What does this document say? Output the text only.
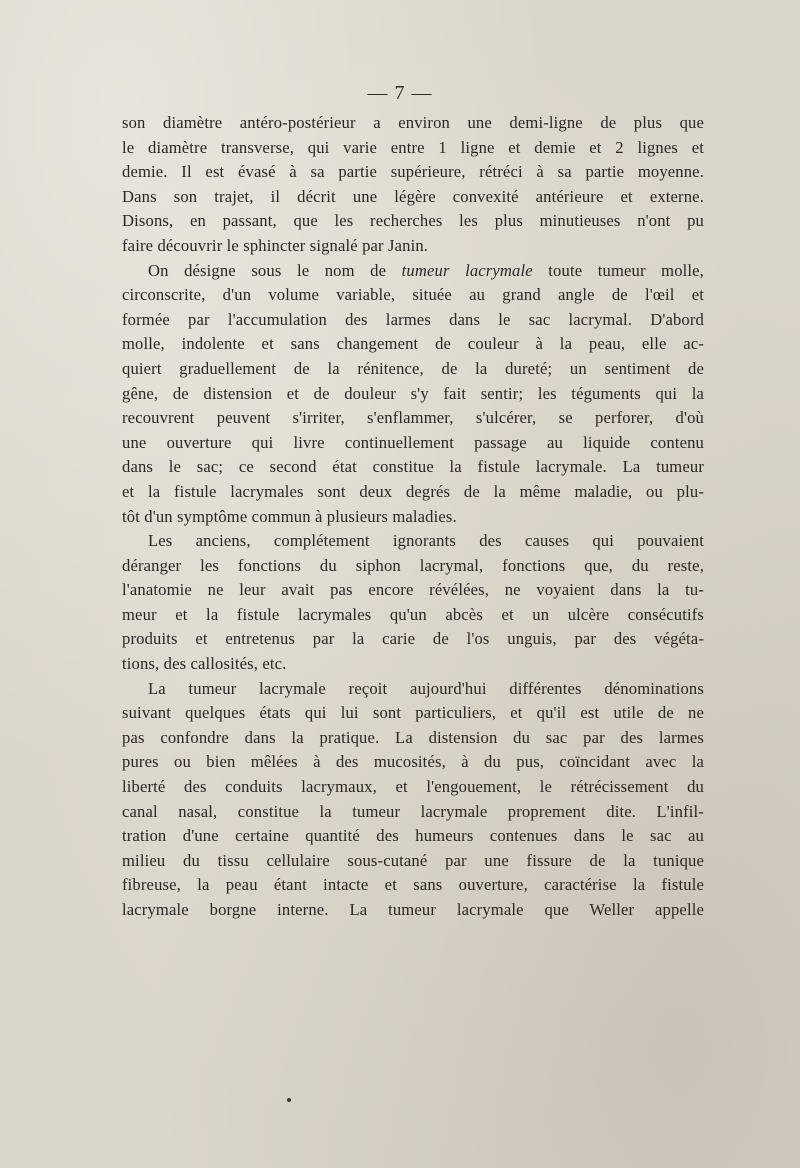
— 7 —
son diamètre antéro-postérieur a environ une demi-ligne de plus que
le diamètre transverse, qui varie entre 1 ligne et demie et 2 lignes et
demie. Il est évasé à sa partie supérieure, rétréci à sa partie moyenne.
Dans son trajet, il décrit une légère convexité antérieure et externe.
Disons, en passant, que les recherches les plus minutieuses n'ont pu
faire découvrir le sphincter signalé par Janin.
On désigne sous le nom de tumeur lacrymale toute tumeur molle,
circonscrite, d'un volume variable, située au grand angle de l'œil et
formée par l'accumulation des larmes dans le sac lacrymal. D'abord
molle, indolente et sans changement de couleur à la peau, elle ac-
quiert graduellement de la rénitence, de la dureté; un sentiment de
gêne, de distension et de douleur s'y fait sentir; les téguments qui la
recouvrent peuvent s'irriter, s'enflammer, s'ulcérer, se perforer, d'où
une ouverture qui livre continuellement passage au liquide contenu
dans le sac; ce second état constitue la fistule lacrymale. La tumeur
et la fistule lacrymales sont deux degrés de la même maladie, ou plu-
tôt d'un symptôme commun à plusieurs maladies.
Les anciens, complétement ignorants des causes qui pouvaient
déranger les fonctions du siphon lacrymal, fonctions que, du reste,
l'anatomie ne leur avait pas encore révélées, ne voyaient dans la tu-
meur et la fistule lacrymales qu'un abcès et un ulcère consécutifs
produits et entretenus par la carie de l'os unguis, par des végéta-
tions, des callosités, etc.
La tumeur lacrymale reçoit aujourd'hui différentes dénominations
suivant quelques états qui lui sont particuliers, et qu'il est utile de ne
pas confondre dans la pratique. La distension du sac par des larmes
pures ou bien mêlées à des mucosités, à du pus, coïncidant avec la
liberté des conduits lacrymaux, et l'engouement, le rétrécissement du
canal nasal, constitue la tumeur lacrymale proprement dite. L'infil-
tration d'une certaine quantité des humeurs contenues dans le sac au
milieu du tissu cellulaire sous-cutané par une fissure de la tunique
fibreuse, la peau étant intacte et sans ouverture, caractérise la fistule
lacrymale borgne interne. La tumeur lacrymale que Weller appelle
